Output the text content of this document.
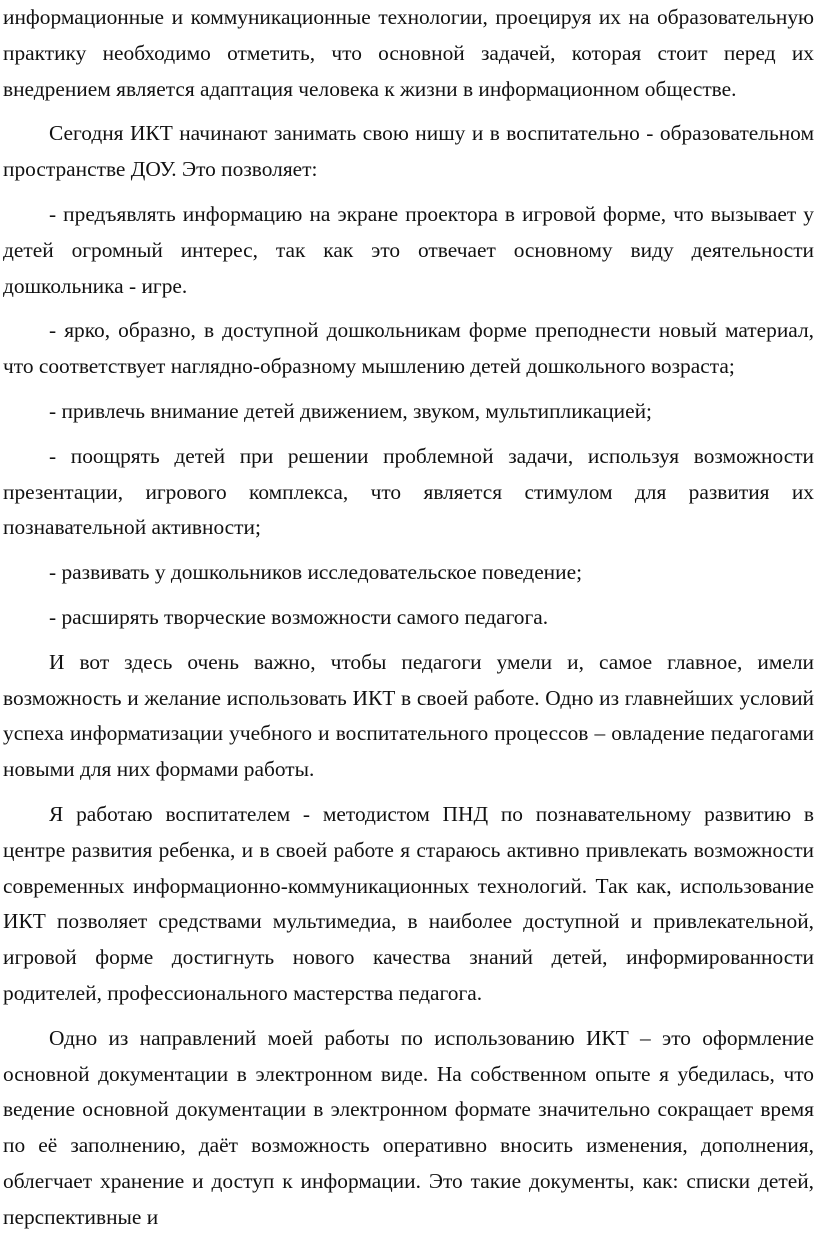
информационные и коммуникационные технологии, проецируя их на образовательную практику необходимо отметить, что основной задачей, которая стоит перед их внедрением является адаптация человека к жизни в информационном обществе.

Сегодня ИКТ начинают занимать свою нишу и в воспитательно - образовательном пространстве ДОУ. Это позволяет:

- предъявлять информацию на экране проектора в игровой форме, что вызывает у детей огромный интерес, так как это отвечает основному виду деятельности дошкольника - игре.

- ярко, образно, в доступной дошкольникам форме преподнести новый материал, что соответствует наглядно-образному мышлению детей дошкольного возраста;

- привлечь внимание детей движением, звуком, мультипликацией;

- поощрять детей при решении проблемной задачи, используя возможности презентации, игрового комплекса, что является стимулом для развития их познавательной активности;

- развивать у дошкольников исследовательское поведение;

- расширять творческие возможности самого педагога.

И вот здесь очень важно, чтобы педагоги умели и, самое главное, имели возможность и желание использовать ИКТ в своей работе. Одно из главнейших условий успеха информатизации учебного и воспитательного процессов – овладение педагогами новыми для них формами работы.

Я работаю воспитателем - методистом ПНД по познавательному развитию в центре развития ребенка, и в своей работе я стараюсь активно привлекать возможности современных информационно-коммуникационных технологий. Так как, использование ИКТ позволяет средствами мультимедиа, в наиболее доступной и привлекательной, игровой форме достигнуть нового качества знаний детей, информированности родителей, профессионального мастерства педагога.

Одно из направлений моей работы по использованию ИКТ – это оформление основной документации в электронном виде. На собственном опыте я убедилась, что ведение основной документации в электронном формате значительно сокращает время по её заполнению, даёт возможность оперативно вносить изменения, дополнения, облегчает хранение и доступ к информации. Это такие документы, как: списки детей, перспективные и
